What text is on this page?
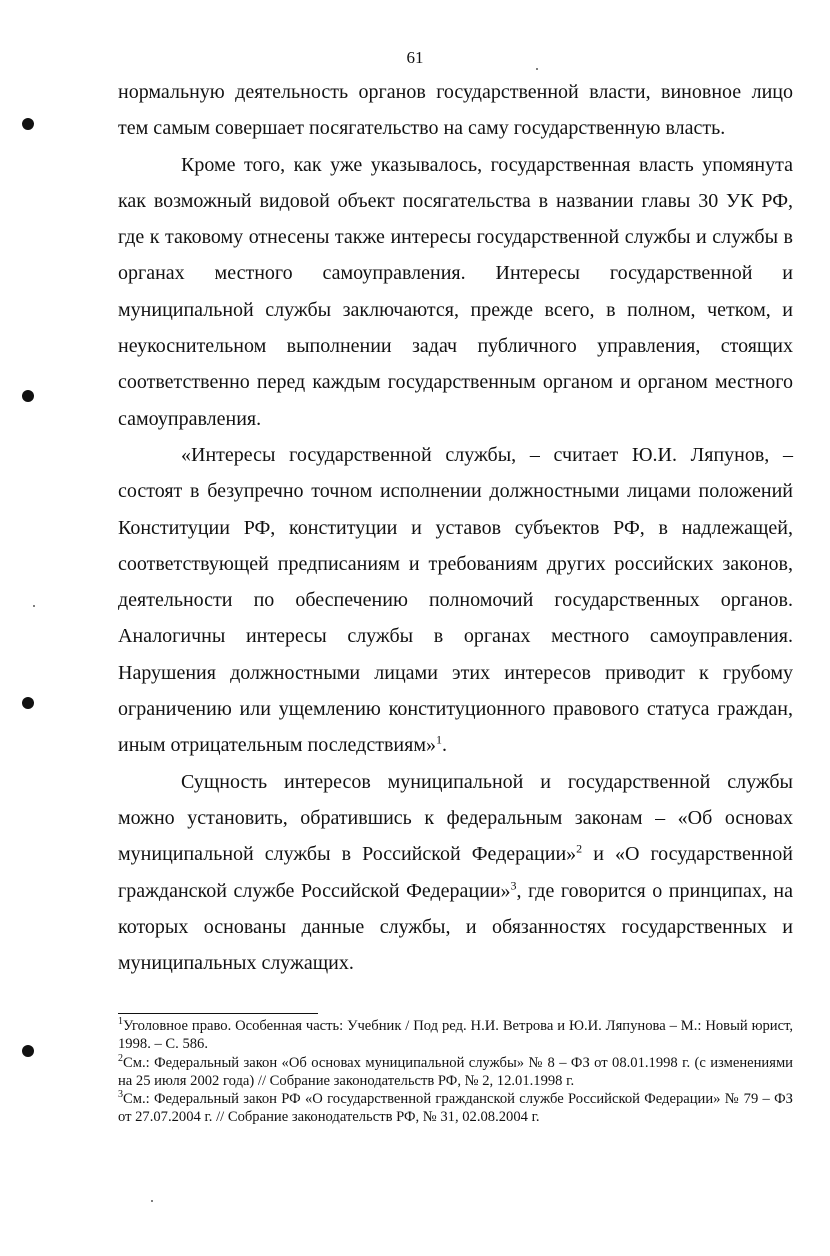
61

нормальную деятельность органов государственной власти, виновное лицо тем самым совершает посягательство на саму государственную власть.

Кроме того, как уже указывалось, государственная власть упомянута как возможный видовой объект посягательства в названии главы 30 УК РФ, где к таковому отнесены также интересы государственной службы и службы в органах местного самоуправления. Интересы государственной и муниципальной службы заключаются, прежде всего, в полном, четком, и неукоснительном выполнении задач публичного управления, стоящих соответственно перед каждым государственным органом и органом местного самоуправления.

«Интересы государственной службы, – считает Ю.И. Ляпунов, – состоят в безупречно точном исполнении должностными лицами положений Конституции РФ, конституции и уставов субъектов РФ, в надлежащей, соответствующей предписаниям и требованиям других российских законов, деятельности по обеспечению полномочий государственных органов. Аналогичны интересы службы в органах местного самоуправления. Нарушения должностными лицами этих интересов приводит к грубому ограничению или ущемлению конституционного правового статуса граждан, иным отрицательным последствиям»$^1$.

Сущность интересов муниципальной и государственной службы можно установить, обратившись к федеральным законам – «Об основах муниципальной службы в Российской Федерации»$^2$ и «О государственной гражданской службе Российской Федерации»$^3$, где говорится о принципах, на которых основаны данные службы, и обязанностях государственных и муниципальных служащих.

$^1$Уголовное право. Особенная часть: Учебник / Под ред. Н.И. Ветрова и Ю.И. Ляпунова – М.: Новый юрист, 1998. – С. 586.

$^2$См.: Федеральный закон «Об основах муниципальной службы» № 8 – ФЗ от 08.01.1998 г. (с изменениями на 25 июля 2002 года) // Собрание законодательств РФ, № 2, 12.01.1998 г.

$^3$См.: Федеральный закон РФ «О государственной гражданской службе Российской Федерации» № 79 – ФЗ от 27.07.2004 г. // Собрание законодательств РФ, № 31, 02.08.2004 г.
